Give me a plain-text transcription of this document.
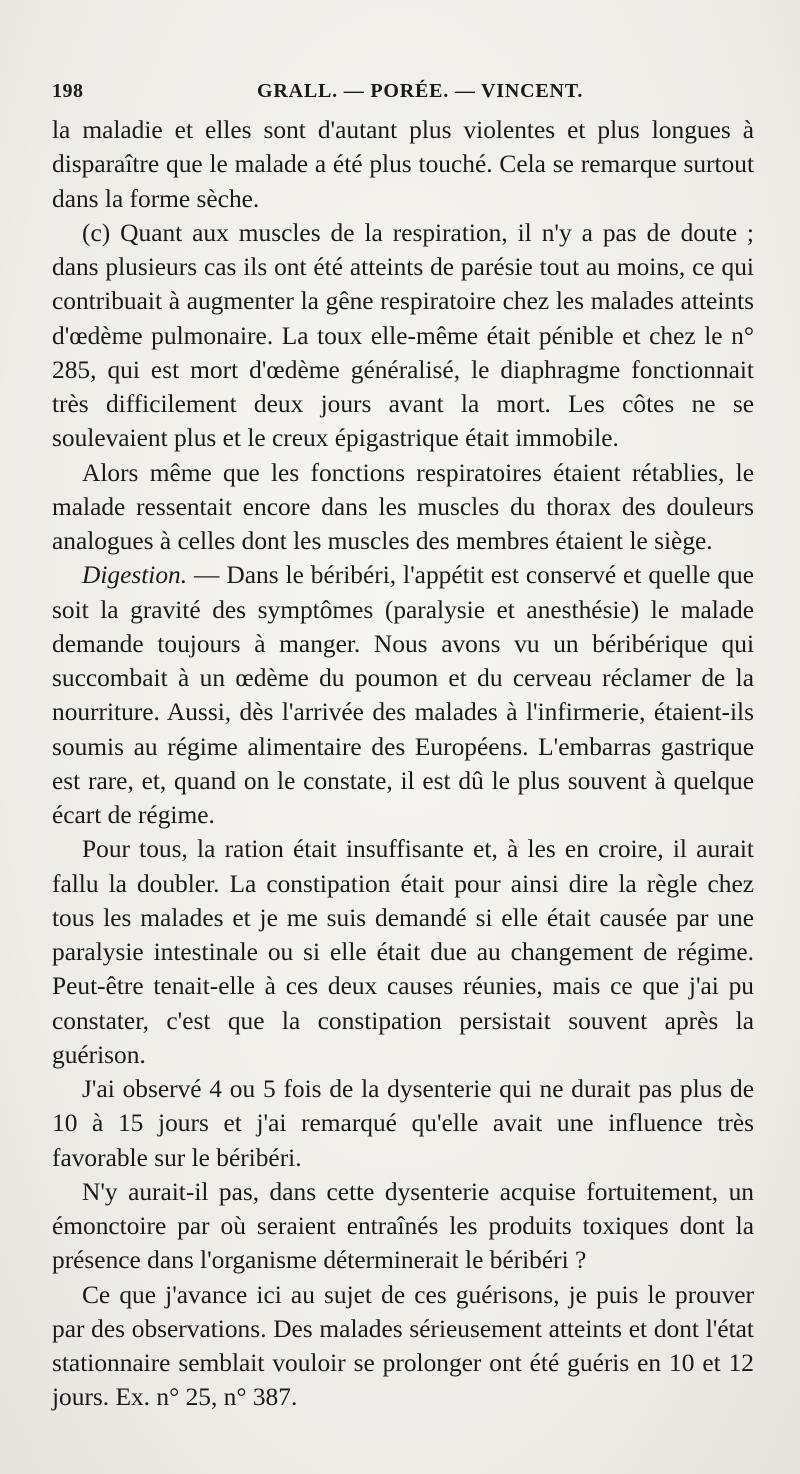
198	GRALL. — PORÉE. — VINCENT.

la maladie et elles sont d'autant plus violentes et plus longues à disparaître que le malade a été plus touché. Cela se remarque surtout dans la forme sèche.

(c) Quant aux muscles de la respiration, il n'y a pas de doute ; dans plusieurs cas ils ont été atteints de parésie tout au moins, ce qui contribuait à augmenter la gêne respiratoire chez les malades atteints d'œdème pulmonaire. La toux elle-même était pénible et chez le n° 285, qui est mort d'œdème généralisé, le diaphragme fonctionnait très difficilement deux jours avant la mort. Les côtes ne se soulevaient plus et le creux épigastrique était immobile.

Alors même que les fonctions respiratoires étaient rétablies, le malade ressentait encore dans les muscles du thorax des douleurs analogues à celles dont les muscles des membres étaient le siège.

Digestion. — Dans le béribéri, l'appétit est conservé et quelle que soit la gravité des symptômes (paralysie et anesthésie) le malade demande toujours à manger. Nous avons vu un béribérique qui succombait à un œdème du poumon et du cerveau réclamer de la nourriture. Aussi, dès l'arrivée des malades à l'infirmerie, étaient-ils soumis au régime alimentaire des Européens. L'embarras gastrique est rare, et, quand on le constate, il est dû le plus souvent à quelque écart de régime.

Pour tous, la ration était insuffisante et, à les en croire, il aurait fallu la doubler. La constipation était pour ainsi dire la règle chez tous les malades et je me suis demandé si elle était causée par une paralysie intestinale ou si elle était due au changement de régime. Peut-être tenait-elle à ces deux causes réunies, mais ce que j'ai pu constater, c'est que la constipation persistait souvent après la guérison.

J'ai observé 4 ou 5 fois de la dysenterie qui ne durait pas plus de 10 à 15 jours et j'ai remarqué qu'elle avait une influence très favorable sur le béribéri.

N'y aurait-il pas, dans cette dysenterie acquise fortuitement, un émonctoire par où seraient entraînés les produits toxiques dont la présence dans l'organisme déterminerait le béribéri ?

Ce que j'avance ici au sujet de ces guérisons, je puis le prouver par des observations. Des malades sérieusement atteints et dont l'état stationnaire semblait vouloir se prolonger ont été guéris en 10 et 12 jours. Ex. n° 25, n° 387.
